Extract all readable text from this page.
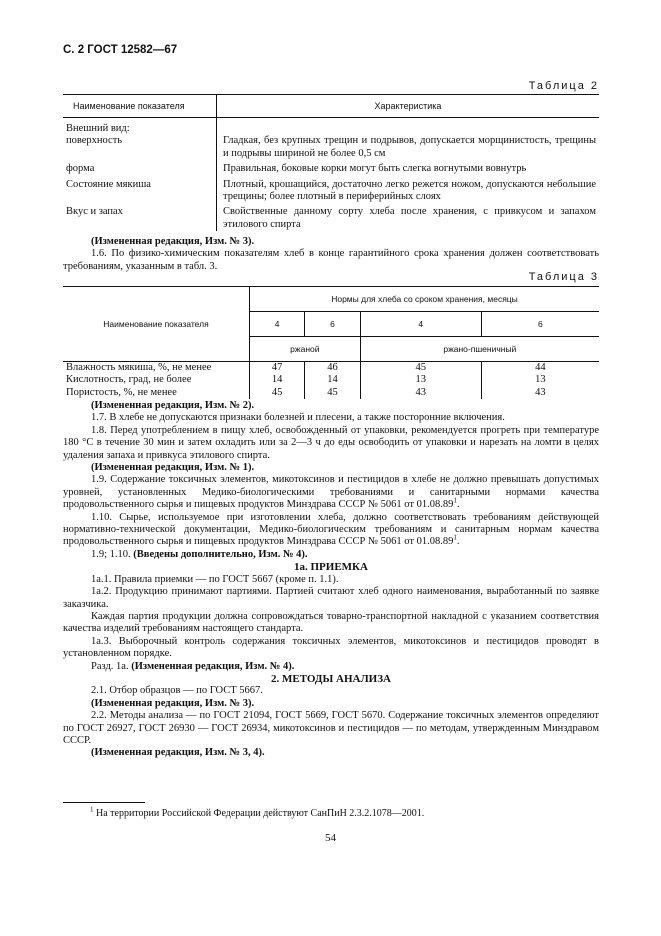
С. 2 ГОСТ 12582—67
Таблица 2
Наименование показателя	Характеристика
Внешний вид:	
поверхность	Гладкая, без крупных трещин и подрывов, допускается морщинистость, трещины и подрывы шириной не более 0,5 см
форма	Правильная, боковые корки могут быть слегка вогнутыми вовнутрь
Состояние мякиша	Плотный, крошащийся, достаточно легко режется ножом, допускаются небольшие трещины; более плотный в периферийных слоях
Вкус и запах	Свойственные данному сорту хлеба после хранения, с привкусом и запахом этилового спирта

(Измененная редакция, Изм. № 3).

1.6. По физико-химическим показателям хлеб в конце гарантийного срока хранения должен соответствовать требованиям, указанным в табл. 3.

Таблица 3
Наименование показателя	Нормы для хлеба со сроком хранения, месяцы			
	4	6	4	6
	ржаной		ржано-пшеничный	
Влажность мякиша, %, не менее	47	46	45	44
Кислотность, град, не более	14	14	13	13
Пористость, %, не менее	45	45	43	43

(Измененная редакция, Изм. № 2).

1.7. В хлебе не допускаются признаки болезней и плесени, а также посторонние включения.

1.8. Перед употреблением в пищу хлеб, освобожденный от упаковки, рекомендуется прогреть при температуре 180 °С в течение 30 мин и затем охладить или за 2—3 ч до еды освободить от упаковки и нарезать на ломти в целях удаления запаха и привкуса этилового спирта.

(Измененная редакция, Изм. № 1).

1.9. Содержание токсичных элементов, микотоксинов и пестицидов в хлебе не должно превышать допустимых уровней, установленных Медико-биологическими требованиями и санитарными нормами качества продовольственного сырья и пищевых продуктов Минздрава СССР № 5061 от 01.08.89$^1$.

1.10. Сырье, используемое при изготовлении хлеба, должно соответствовать требованиям действующей нормативно-технической документации, Медико-биологическим требованиям и санитарным нормам качества продовольственного сырья и пищевых продуктов Минздрава СССР № 5061 от 01.08.89$^1$.

1.9; 1.10. (Введены дополнительно, Изм. № 4).

1а. ПРИЕМКА

1а.1. Правила приемки — по ГОСТ 5667 (кроме п. 1.1).

1а.2. Продукцию принимают партиями. Партией считают хлеб одного наименования, выработанный по заявке заказчика.

Каждая партия продукции должна сопровождаться товарно-транспортной накладной с указанием соответствия качества изделий требованиям настоящего стандарта.

1а.3. Выборочный контроль содержания токсичных элементов, микотоксинов и пестицидов проводят в установленном порядке.

Разд. 1а. (Измененная редакция, Изм. № 4).

2. МЕТОДЫ АНАЛИЗА

2.1. Отбор образцов — по ГОСТ 5667.

(Измененная редакция, Изм. № 3).

2.2. Методы анализа — по ГОСТ 21094, ГОСТ 5669, ГОСТ 5670. Содержание токсичных элементов определяют по ГОСТ 26927, ГОСТ 26930 — ГОСТ 26934, микотоксинов и пестицидов — по методам, утвержденным Минздравом СССР.

(Измененная редакция, Изм. № 3, 4).

$^1$ На территории Российской Федерации действуют СанПиН 2.3.2.1078—2001.
54
